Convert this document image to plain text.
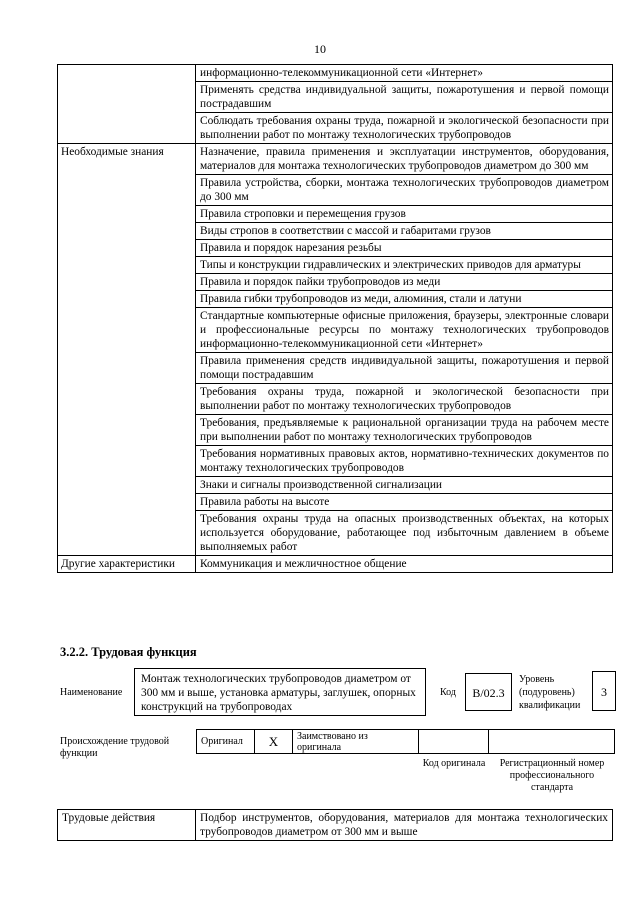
10
	информационно-телекоммуникационной сети «Интернет»
	Применять средства индивидуальной защиты, пожаротушения и первой помощи пострадавшим
	Соблюдать требования охраны труда, пожарной и экологической безопасности при выполнении работ по монтажу технологических трубопроводов
Необходимые знания	Назначение, правила применения и эксплуатации инструментов, оборудования, материалов для монтажа технологических трубопроводов диаметром до 300 мм
	Правила устройства, сборки, монтажа технологических трубопроводов диаметром до 300 мм
	Правила строповки и перемещения грузов
	Виды стропов в соответствии с массой и габаритами грузов
	Правила и порядок нарезания резьбы
	Типы и конструкции гидравлических и электрических приводов для арматуры
	Правила и порядок пайки трубопроводов из меди
	Правила гибки трубопроводов из меди, алюминия, стали и латуни
	Стандартные компьютерные офисные приложения, браузеры, электронные словари и профессиональные ресурсы по монтажу технологических трубопроводов информационно-телекоммуникационной сети «Интернет»
	Правила применения средств индивидуальной защиты, пожаротушения и первой помощи пострадавшим
	Требования охраны труда, пожарной и экологической безопасности при выполнении работ по монтажу технологических трубопроводов
	Требования, предъявляемые к рациональной организации труда на рабочем месте при выполнении работ по монтажу технологических трубопроводов
	Требования нормативных правовых актов, нормативно-технических документов по монтажу технологических трубопроводов
	Знаки и сигналы производственной сигнализации
	Правила работы на высоте
	Требования охраны труда на опасных производственных объектах, на которых используется оборудование, работающее под избыточным давлением в объеме выполняемых работ
Другие характеристики	Коммуникация и межличностное общение
3.2.2. Трудовая функция
Наименование
Монтаж технологических трубопроводов диаметром от 300 мм и выше, установка арматуры, заглушек, опорных конструкций на трубопроводах
Код	B/02.3
Уровень (подуровень) квалификации
3
Происхождение трудовой функции
Оригинал	X	Заимствовано из оригинала		
Код оригинала	Регистрационный номер профессионального стандарта
Трудовые действия	Подбор инструментов, оборудования, материалов для монтажа технологических трубопроводов диаметром от 300 мм и выше
